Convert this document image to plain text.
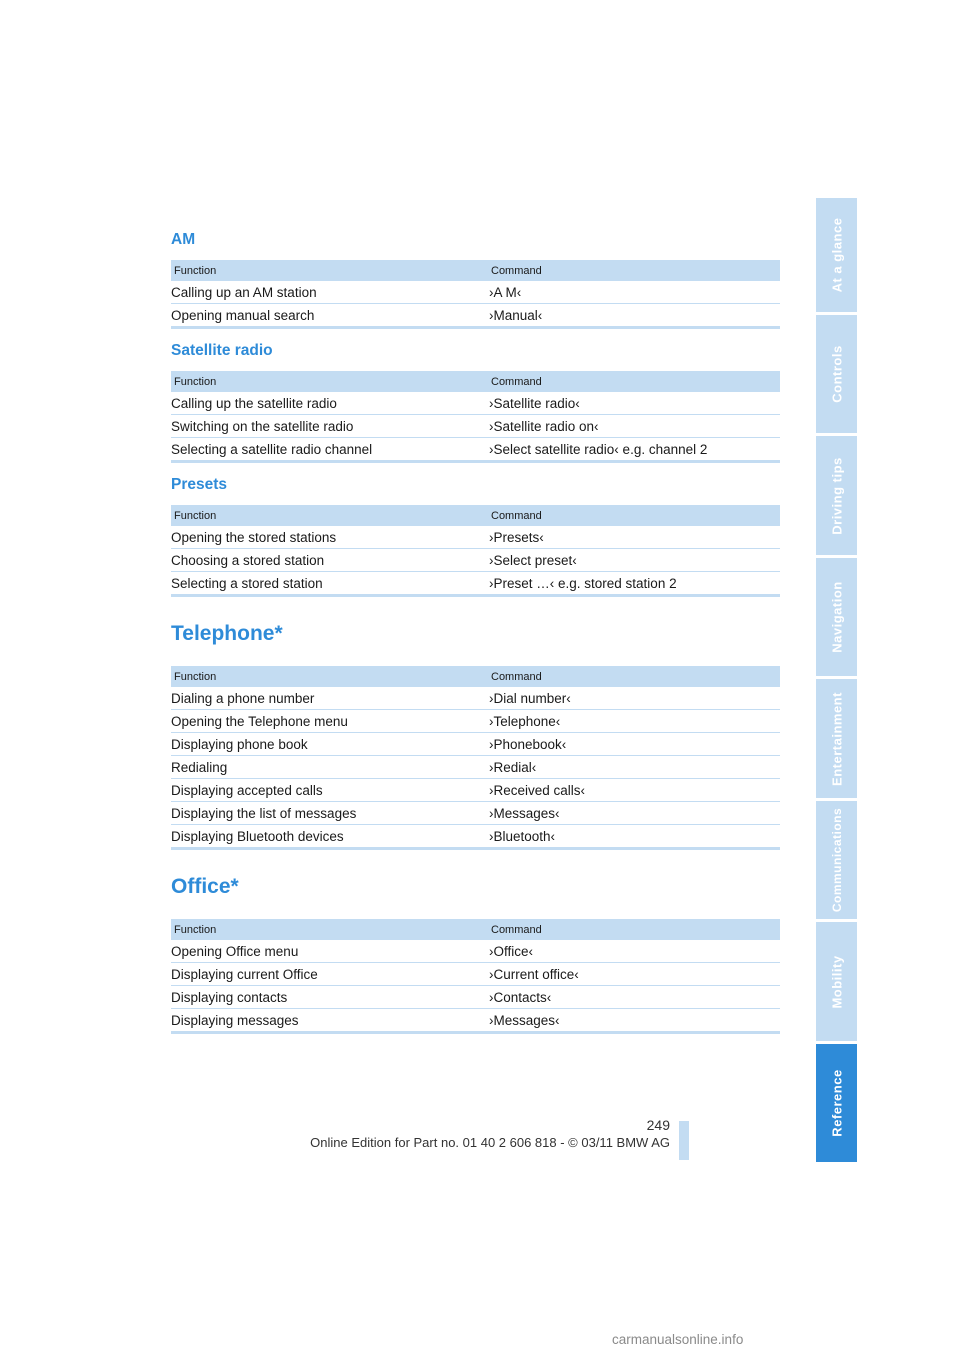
AM
Function	Command
Calling up an AM station	›A M‹
Opening manual search	›Manual‹
Satellite radio
Function	Command
Calling up the satellite radio	›Satellite radio‹
Switching on the satellite radio	›Satellite radio on‹
Selecting a satellite radio channel	›Select satellite radio‹ e.g. channel 2
Presets
Function	Command
Opening the stored stations	›Presets‹
Choosing a stored station	›Select preset‹
Selecting a stored station	›Preset …‹ e.g. stored station 2
Telephone*
Function	Command
Dialing a phone number	›Dial number‹
Opening the Telephone menu	›Telephone‹
Displaying phone book	›Phonebook‹
Redialing	›Redial‹
Displaying accepted calls	›Received calls‹
Displaying the list of messages	›Messages‹
Displaying Bluetooth devices	›Bluetooth‹
Office*
Function	Command
Opening Office menu	›Office‹
Displaying current Office	›Current office‹
Displaying contacts	›Contacts‹
Displaying messages	›Messages‹
At a glance
Controls
Driving tips
Navigation
Entertainment
Communications
Mobility
Reference
249
Online Edition for Part no. 01 40 2 606 818 - © 03/11 BMW AG
carmanualsonline.info
